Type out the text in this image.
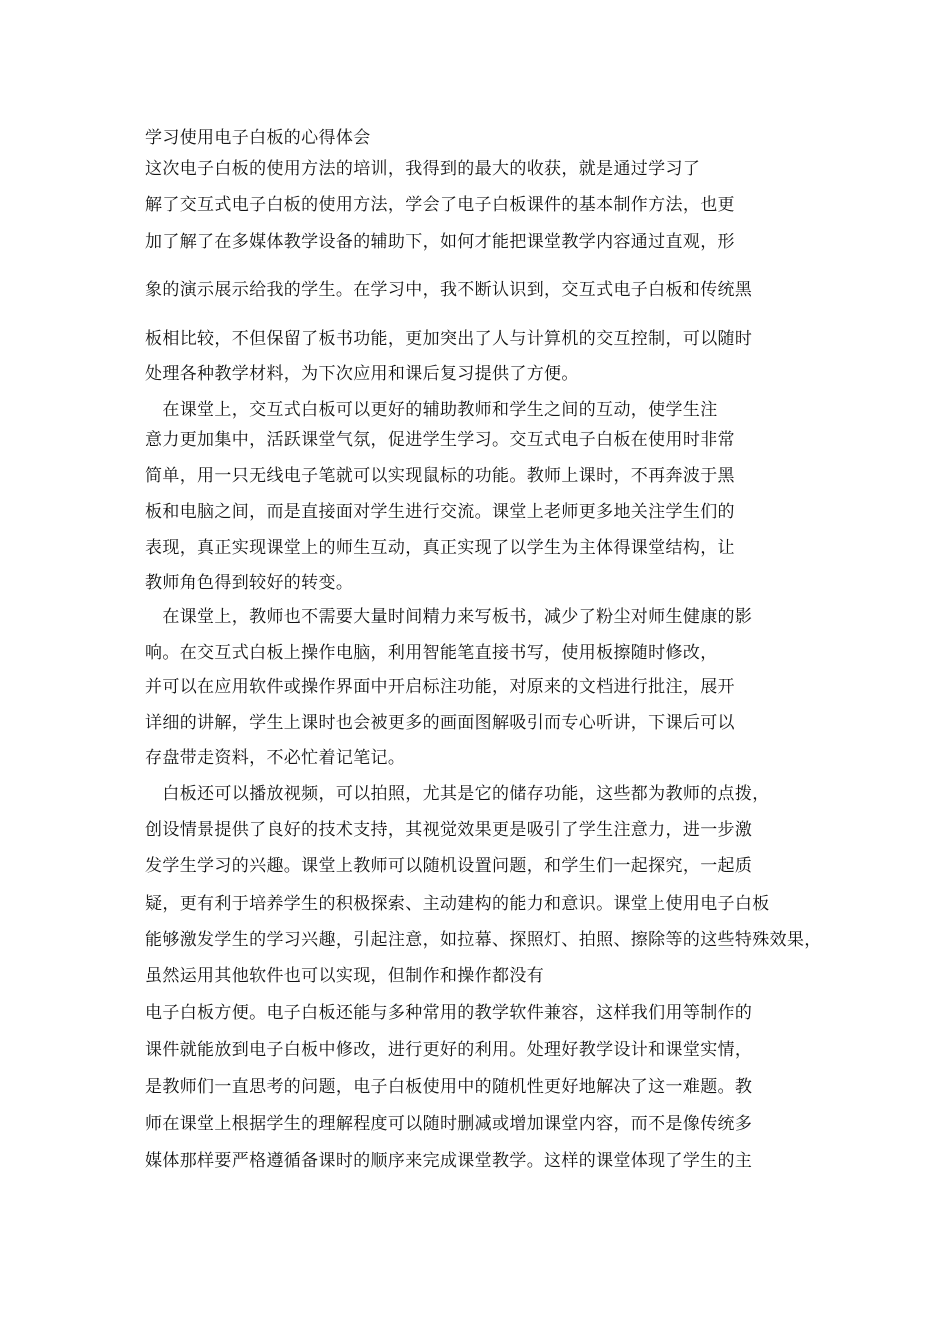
学习使用电子白板的心得体会
这次电子白板的使用方法的培训，我得到的最大的收获，就是通过学习了
解了交互式电子白板的使用方法，学会了电子白板课件的基本制作方法，也更
加了解了在多媒体教学设备的辅助下，如何才能把课堂教学内容通过直观，形
象的演示展示给我的学生。在学习中，我不断认识到，交互式电子白板和传统黑
板相比较，不但保留了板书功能，更加突出了人与计算机的交互控制，可以随时
处理各种教学材料，为下次应用和课后复习提供了方便。
　在课堂上，交互式白板可以更好的辅助教师和学生之间的互动，使学生注
意力更加集中，活跃课堂气氛，促进学生学习。交互式电子白板在使用时非常
简单，用一只无线电子笔就可以实现鼠标的功能。教师上课时，不再奔波于黑
板和电脑之间，而是直接面对学生进行交流。课堂上老师更多地关注学生们的
表现，真正实现课堂上的师生互动，真正实现了以学生为主体得课堂结构，让
教师角色得到较好的转变。
　在课堂上，教师也不需要大量时间精力来写板书，减少了粉尘对师生健康的影
响。在交互式白板上操作电脑，利用智能笔直接书写，使用板擦随时修改，
并可以在应用软件或操作界面中开启标注功能，对原来的文档进行批注，展开
详细的讲解，学生上课时也会被更多的画面图解吸引而专心听讲，下课后可以
存盘带走资料，不必忙着记笔记。
　白板还可以播放视频，可以拍照，尤其是它的储存功能，这些都为教师的点拨，
创设情景提供了良好的技术支持，其视觉效果更是吸引了学生注意力，进一步激
发学生学习的兴趣。课堂上教师可以随机设置问题，和学生们一起探究，一起质
疑，更有利于培养学生的积极探索、主动建构的能力和意识。课堂上使用电子白板
能够激发学生的学习兴趣，引起注意，如拉幕、探照灯、拍照、擦除等的这些特殊效果，
虽然运用其他软件也可以实现，但制作和操作都没有
电子白板方便。电子白板还能与多种常用的教学软件兼容，这样我们用等制作的
课件就能放到电子白板中修改，进行更好的利用。处理好教学设计和课堂实情，
是教师们一直思考的问题，电子白板使用中的随机性更好地解决了这一难题。教
师在课堂上根据学生的理解程度可以随时删减或增加课堂内容，而不是像传统多
媒体那样要严格遵循备课时的顺序来完成课堂教学。这样的课堂体现了学生的主
